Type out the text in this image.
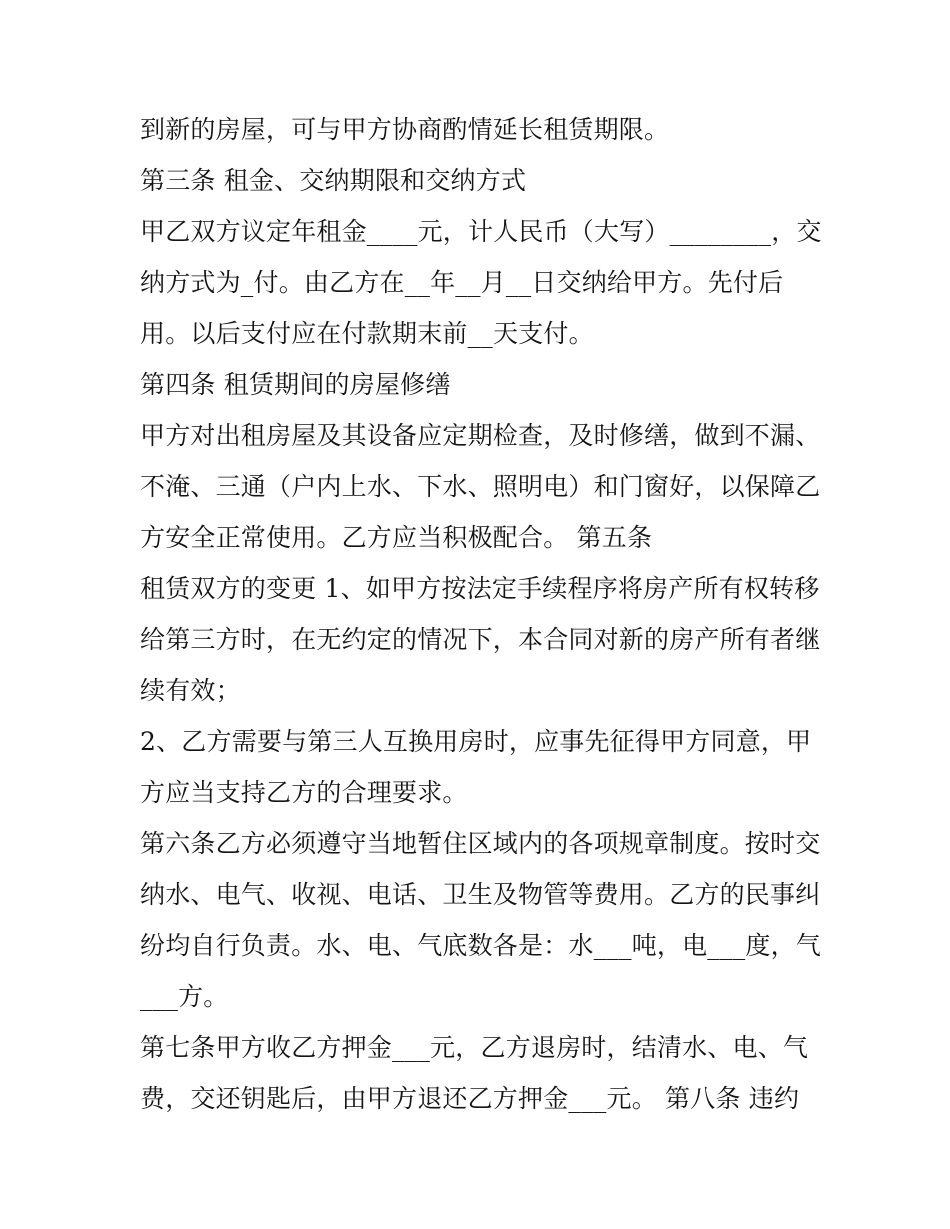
到新的房屋，可与甲方协商酌情延长租赁期限。

第三条 租金、交纳期限和交纳方式

甲乙双方议定年租金____元，计人民币（大写）________，交

纳方式为_付。由乙方在__年__月__日交纳给甲方。先付后

用。以后支付应在付款期末前__天支付。

第四条 租赁期间的房屋修缮

甲方对出租房屋及其设备应定期检查，及时修缮，做到不漏、

不淹、三通（户内上水、下水、照明电）和门窗好，以保障乙

方安全正常使用。乙方应当积极配合。 第五条

租赁双方的变更 1、如甲方按法定手续程序将房产所有权转移

给第三方时，在无约定的情况下，本合同对新的房产所有者继

续有效；

2、乙方需要与第三人互换用房时，应事先征得甲方同意，甲

方应当支持乙方的合理要求。

第六条乙方必须遵守当地暂住区域内的各项规章制度。按时交

纳水、电气、收视、电话、卫生及物管等费用。乙方的民事纠

纷均自行负责。水、电、气底数各是：水___吨，电___度，气

___方。

第七条甲方收乙方押金___元，乙方退房时，结清水、电、气

费，交还钥匙后，由甲方退还乙方押金___元。 第八条 违约
